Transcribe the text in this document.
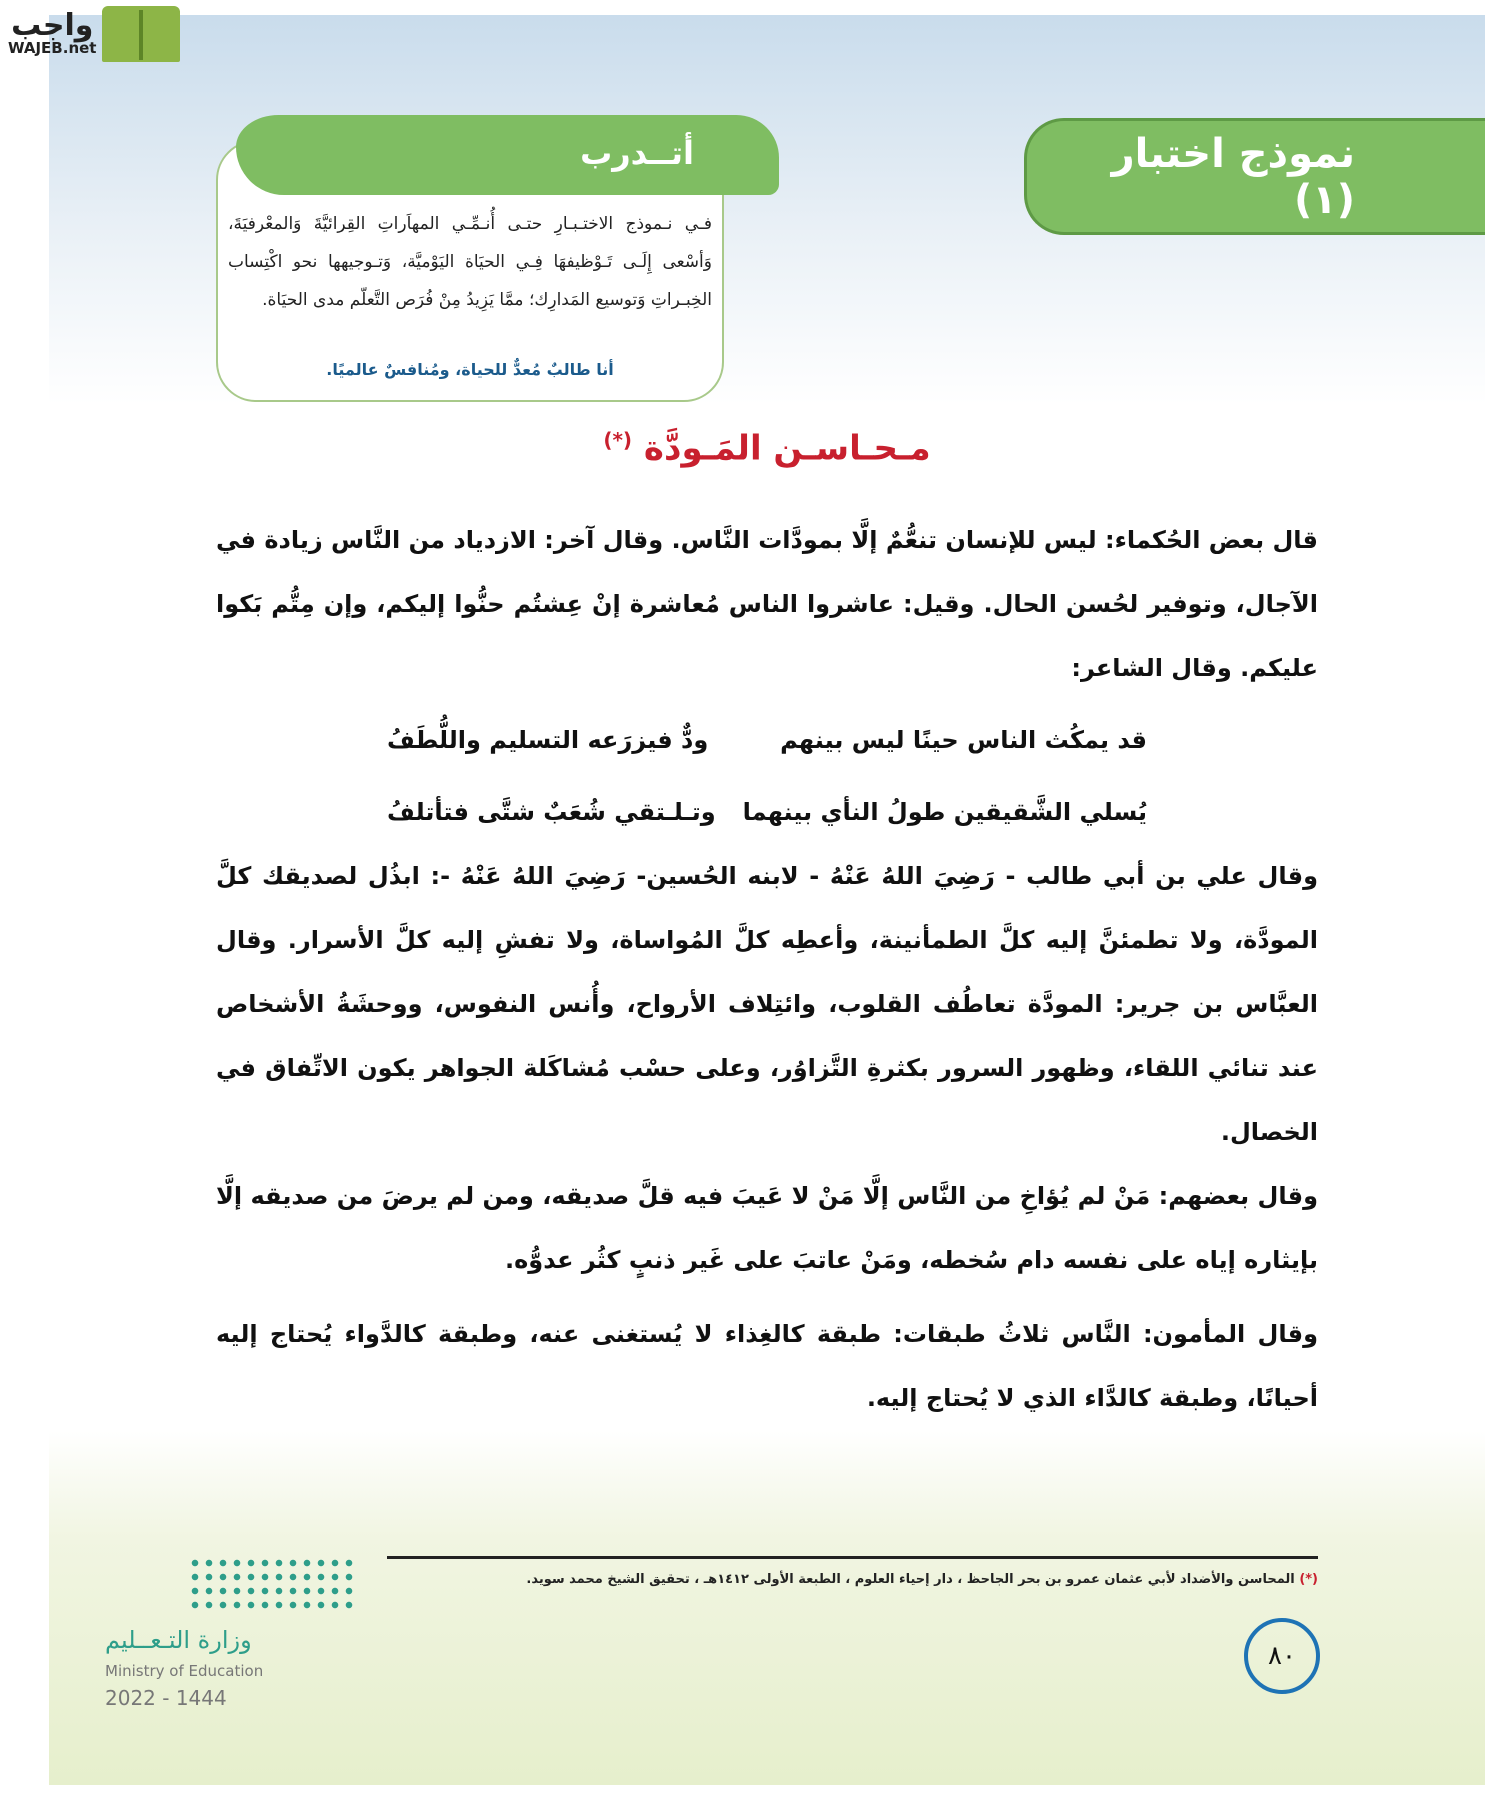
واجب
WAJEB.net
نموذج اختبار (١)
أتــدرب
فـي نـموذج الاختـبـارِ حتـى أُنـمِّـي المهاَراتِ القِرائيَّةَ وَالمعْرفيَةَ، وَأسْعى إِلَـى تَـوْظيفهَا فِـي الحيَاة اليَوْميَّة، وَتـوجيهها نحو اكْتِساب الخِبـراتِ وَتوسيع المَدارِك؛ ممَّا يَزِيدُ مِنْ فُرَص التَّعلّم مدى الحيَاة.
أنا طالبٌ مُعدٌّ للحياة، ومُنافسٌ عالميًا.
مـحـاسـن المَـودَّة (*)

قال بعض الحُكماء: ليس للإنسان تنعُّمٌ إلَّا بمودَّات النَّاس. وقال آخر: الازدياد من النَّاس زيادة في الآجال، وتوفير لحُسن الحال. وقيل: عاشروا الناس مُعاشرة إنْ عِشتُم حنُّوا إليكم، وإن مِتُّم بَكوا عليكم. وقال الشاعر:

قد يمكُث الناس حينًا ليس بينهم
ودٌّ فيزرَعه التسليم واللُّطَفُ
يُسلي الشَّقيقين طولُ النأي بينهما
وتـلـتقي شُعَبٌ شتَّى فتأتلفُ

وقال علي بن أبي طالب - رَضِيَ اللهُ عَنْهُ - لابنه الحُسين- رَضِيَ اللهُ عَنْهُ -: ابذُل لصديقك كلَّ المودَّة، ولا تطمئنَّ إليه كلَّ الطمأنينة، وأعطِه كلَّ المُواساة، ولا تفشِ إليه كلَّ الأسرار. وقال العبَّاس بن جرير: المودَّة تعاطُف القلوب، وائتِلاف الأرواح، وأُنس النفوس، ووحشَةُ الأشخاص عند تنائي اللقاء، وظهور السرور بكثرةِ التَّزاوُر، وعلى حسْب مُشاكَلة الجواهر يكون الاتِّفاق في الخصال.

وقال بعضهم: مَنْ لم يُؤاخِ من النَّاس إلَّا مَنْ لا عَيبَ فيه قلَّ صديقه، ومن لم يرضَ من صديقه إلَّا بإيثاره إياه على نفسه دام سُخطه، ومَنْ عاتبَ على غَير ذنبٍ كثُر عدوُّه.

وقال المأمون: النَّاس ثلاثُ طبقات: طبقة كالغِذاء لا يُستغنى عنه، وطبقة كالدَّواء يُحتاج إليه أحيانًا، وطبقة كالدَّاء الذي لا يُحتاج إليه.

(*) المحاسن والأضداد لأبي عثمان عمرو بن بحر الجاحظ ، دار إحياء العلوم ، الطبعة الأولى ١٤١٢هـ ، تحقيق الشيخ محمد سويد.
٨٠
وزارة التـعــليم
Ministry of Education
2022 - 1444
